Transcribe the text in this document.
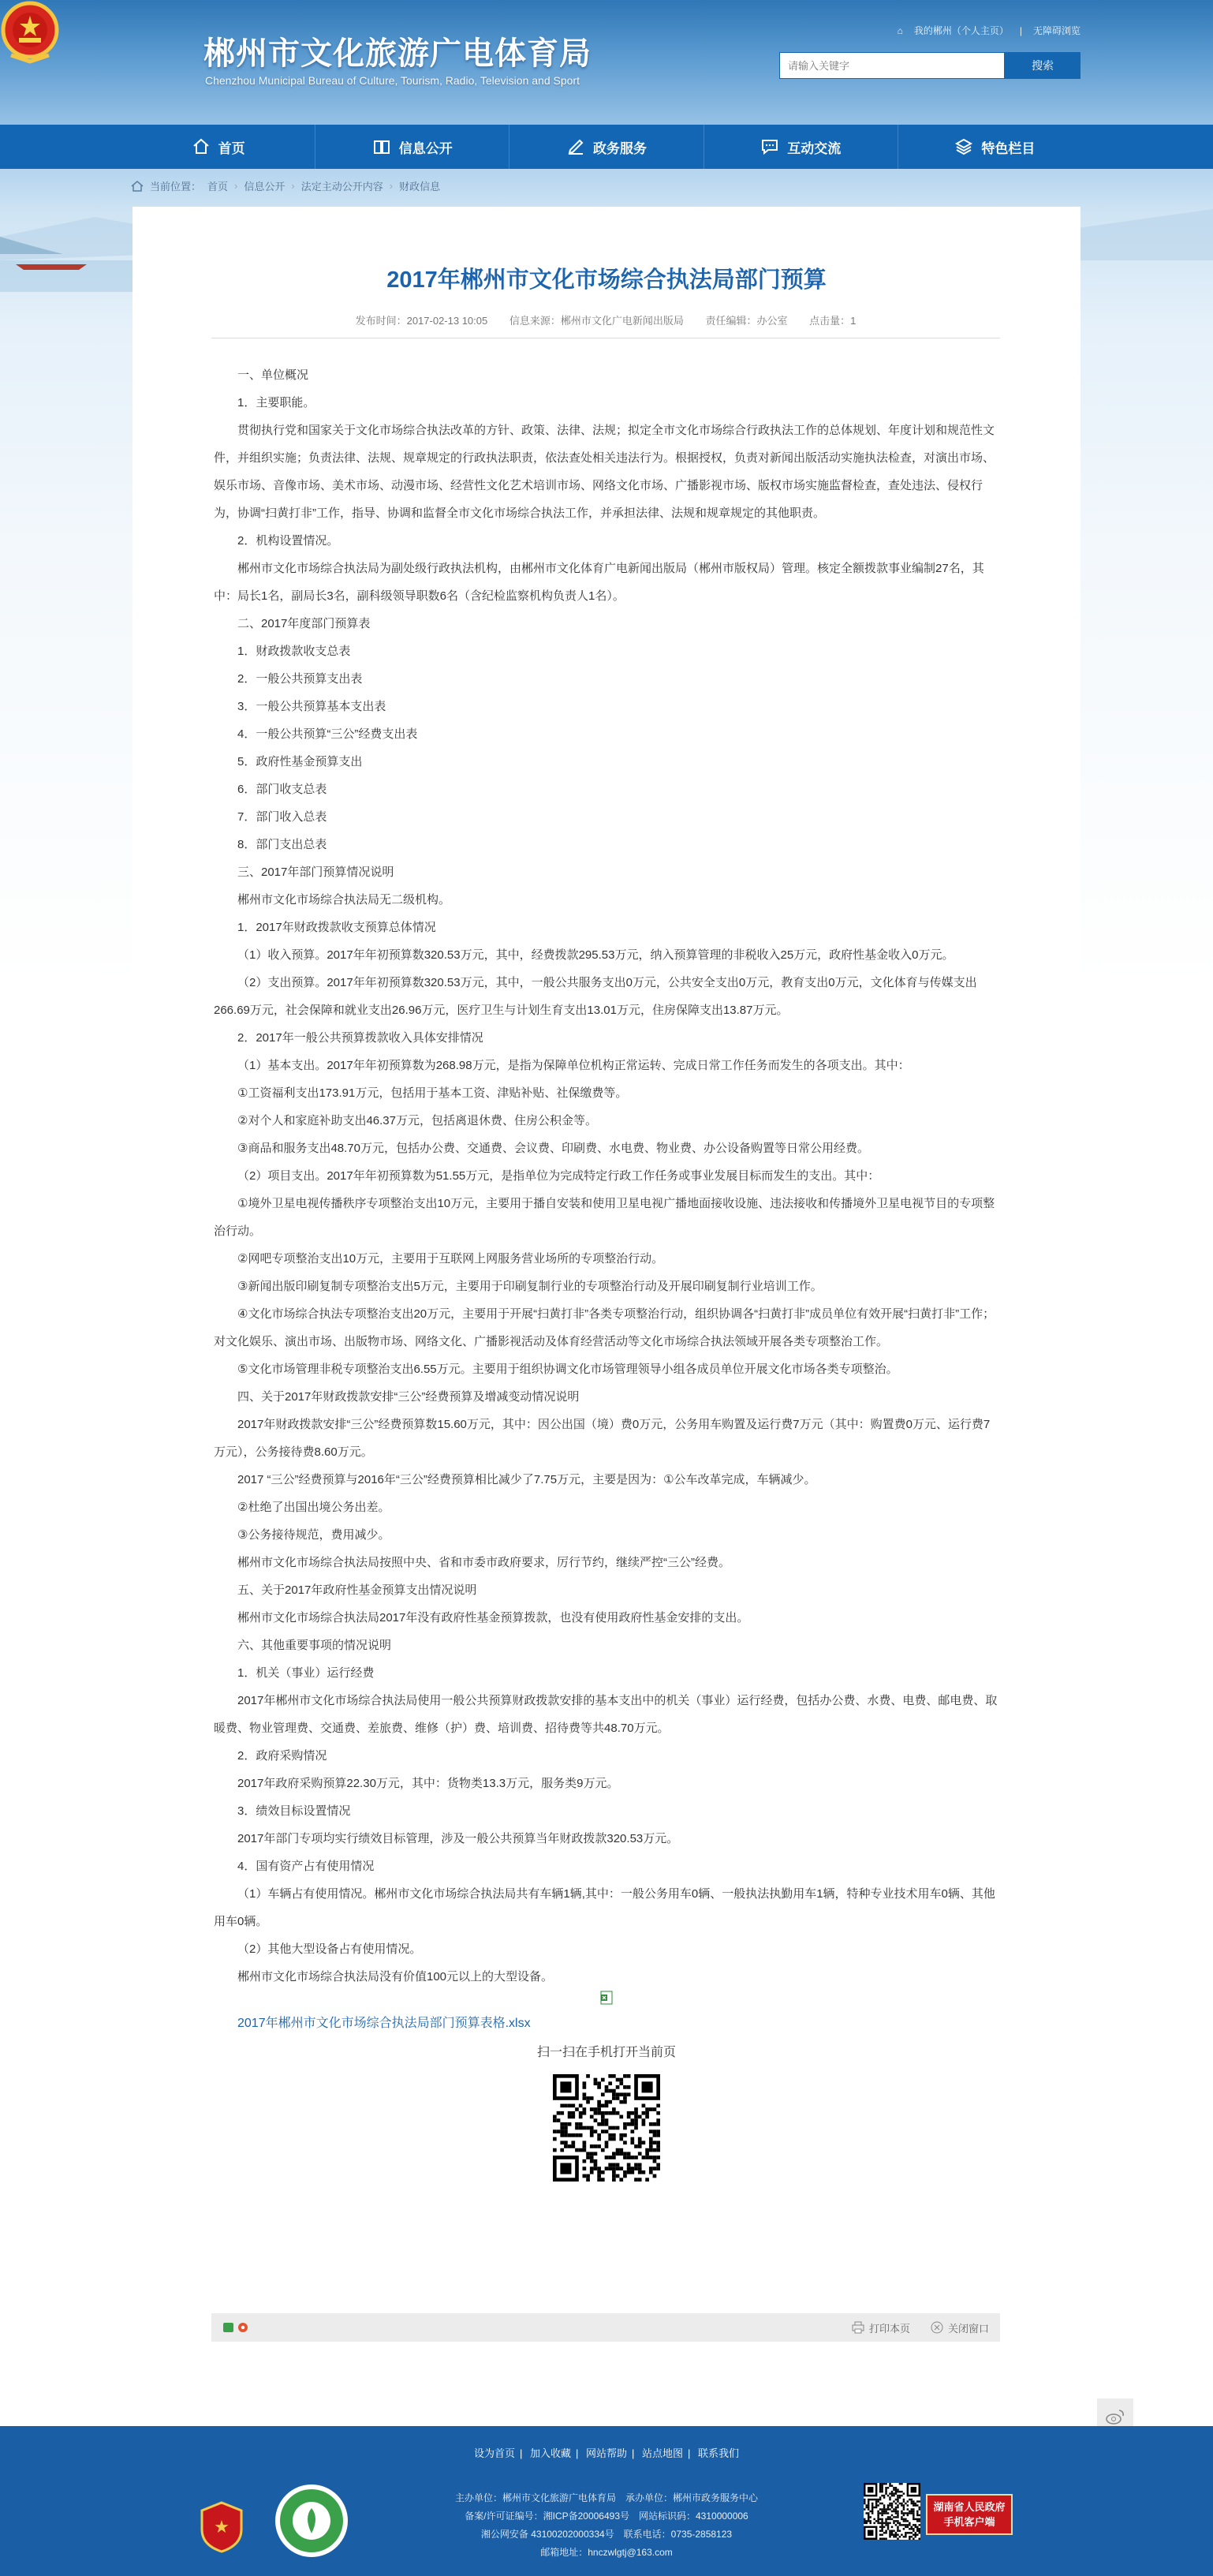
⌂ 我的郴州（个人主页） | 无障碍浏览
郴州市文化旅游广电体育局
Chenzhou Municipal Bureau of Culture, Tourism, Radio, Television and Sport
请输入关键字
搜索
首页	信息公开	政务服务	互动交流	特色栏目
当前位置： 首页 › 信息公开 › 法定主动公开内容 › 财政信息
2017年郴州市文化市场综合执法局部门预算
发布时间：2017-02-13 10:05 信息来源：郴州市文化广电新闻出版局 责任编辑：办公室 点击量：1

一、单位概况

1．主要职能。

贯彻执行党和国家关于文化市场综合执法改革的方针、政策、法律、法规；拟定全市文化市场综合行政执法工作的总体规划、年度计划和规范性文件，并组织实施；负责法律、法规、规章规定的行政执法职责，依法查处相关违法行为。根据授权，负责对新闻出版活动实施执法检查，对演出市场、娱乐市场、音像市场、美术市场、动漫市场、经营性文化艺术培训市场、网络文化市场、广播影视市场、版权市场实施监督检查，查处违法、侵权行为，协调“扫黄打非”工作，指导、协调和监督全市文化市场综合执法工作，并承担法律、法规和规章规定的其他职责。

2．机构设置情况。

郴州市文化市场综合执法局为副处级行政执法机构，由郴州市文化体育广电新闻出版局（郴州市版权局）管理。核定全额拨款事业编制27名，其中：局长1名，副局长3名，副科级领导职数6名（含纪检监察机构负责人1名）。

二、2017年度部门预算表

1．财政拨款收支总表

2．一般公共预算支出表

3．一般公共预算基本支出表

4．一般公共预算“三公”经费支出表

5．政府性基金预算支出

6．部门收支总表

7．部门收入总表

8．部门支出总表

三、2017年部门预算情况说明

郴州市文化市场综合执法局无二级机构。

1．2017年财政拨款收支预算总体情况

（1）收入预算。2017年年初预算数320.53万元，其中，经费拨款295.53万元，纳入预算管理的非税收入25万元，政府性基金收入0万元。

（2）支出预算。2017年年初预算数320.53万元，其中，一般公共服务支出0万元，公共安全支出0万元，教育支出0万元，文化体育与传媒支出266.69万元，社会保障和就业支出26.96万元，医疗卫生与计划生育支出13.01万元，住房保障支出13.87万元。

2．2017年一般公共预算拨款收入具体安排情况

（1）基本支出。2017年年初预算数为268.98万元，是指为保障单位机构正常运转、完成日常工作任务而发生的各项支出。其中：

①工资福利支出173.91万元，包括用于基本工资、津贴补贴、社保缴费等。

②对个人和家庭补助支出46.37万元，包括离退休费、住房公积金等。

③商品和服务支出48.70万元，包括办公费、交通费、会议费、印刷费、水电费、物业费、办公设备购置等日常公用经费。

（2）项目支出。2017年年初预算数为51.55万元，是指单位为完成特定行政工作任务或事业发展目标而发生的支出。其中：

①境外卫星电视传播秩序专项整治支出10万元，主要用于播自安装和使用卫星电视广播地面接收设施、违法接收和传播境外卫星电视节目的专项整治行动。

②网吧专项整治支出10万元，主要用于互联网上网服务营业场所的专项整治行动。

③新闻出版印刷复制专项整治支出5万元，主要用于印刷复制行业的专项整治行动及开展印刷复制行业培训工作。

④文化市场综合执法专项整治支出20万元，主要用于开展“扫黄打非”各类专项整治行动，组织协调各“扫黄打非”成员单位有效开展“扫黄打非”工作；对文化娱乐、演出市场、出版物市场、网络文化、广播影视活动及体育经营活动等文化市场综合执法领域开展各类专项整治工作。

⑤文化市场管理非税专项整治支出6.55万元。主要用于组织协调文化市场管理领导小组各成员单位开展文化市场各类专项整治。

四、关于2017年财政拨款安排“三公”经费预算及增减变动情况说明

2017年财政拨款安排“三公”经费预算数15.60万元，其中：因公出国（境）费0万元，公务用车购置及运行费7万元（其中：购置费0万元、运行费7万元），公务接待费8.60万元。

2017 “三公”经费预算与2016年“三公”经费预算相比减少了7.75万元，主要是因为：①公车改革完成，车辆减少。

②杜绝了出国出境公务出差。

③公务接待规范，费用减少。

郴州市文化市场综合执法局按照中央、省和市委市政府要求，厉行节约，继续严控“三公”经费。

五、关于2017年政府性基金预算支出情况说明

郴州市文化市场综合执法局2017年没有政府性基金预算拨款，也没有使用政府性基金安排的支出。

六、其他重要事项的情况说明

1．机关（事业）运行经费

2017年郴州市文化市场综合执法局使用一般公共预算财政拨款安排的基本支出中的机关（事业）运行经费，包括办公费、水费、电费、邮电费、取暖费、物业管理费、交通费、差旅费、维修（护）费、培训费、招待费等共48.70万元。

2．政府采购情况

2017年政府采购预算22.30万元，其中：货物类13.3万元，服务类9万元。

3．绩效目标设置情况

2017年部门专项均实行绩效目标管理，涉及一般公共预算当年财政拨款320.53万元。

4．国有资产占有使用情况

（1）车辆占有使用情况。郴州市文化市场综合执法局共有车辆1辆,其中：一般公务用车0辆、一般执法执勤用车1辆，特种专业技术用车0辆、其他用车0辆。

（2）其他大型设备占有使用情况。

郴州市文化市场综合执法局没有价值100元以上的大型设备。

2017年郴州市文化市场综合执法局部门预算表格.xlsx
扫一扫在手机打开当前页
打印本页	关闭窗口
设为首页 | 加入收藏 | 网站帮助 | 站点地图 | 联系我们
★
主办单位：郴州市文化旅游广电体育局　承办单位：郴州市政务服务中心
备案/许可证编号：湘ICP备20006493号　网站标识码：4310000006
湘公网安备 43100202000334号　联系电话：0735-2858123
邮箱地址：hnczwlgtj@163.com
湖南省人民政府
手机客户端
